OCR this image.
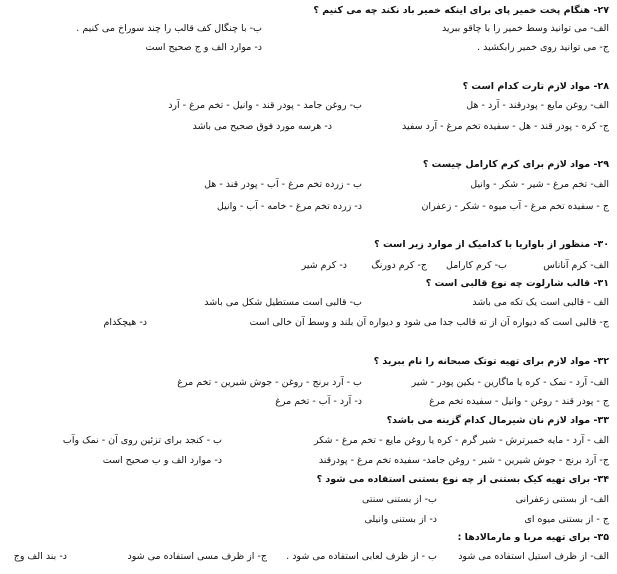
۲۷- هنگام پخت خمیر پای برای اینکه خمیر باد نکند چه می کنیم ؟
الف- می توانید وسط خمیر را با چاقو ببرید
ب- با چنگال کف قالب را چند سوراخ می کنیم .
ج- می توانید روی خمیر رابکشید .
د- موارد الف و ج صحیح است
۲۸- مواد لازم تارت کدام است ؟
الف- روغن مایع - پودرقند - آرد - هل
ب- روغن جامد - پودر قند - وانیل - تخم مرغ - آرد
ج- کره - پودر قند - هل - سفیده تخم مرغ - آرد سفید
د- هرسه مورد فوق صحیح می باشد
۲۹- مواد لازم برای کرم کارامل چیست ؟
الف- تخم مرغ - شیر - شکر - وانیل
ب - زرده تخم مرغ - آب - پودر قند - هل
ج - سفیده تخم مرغ - آب میوه - شکر - زعفران
د- زرده تخم مرغ - خامه - آب - وانیل
۳۰- منظور از باواریا با کدامیک از موارد زیر است ؟
الف- کرم آناناس
ب- کرم کارامل
ج- کرم دورنگ
د- کرم شیر
۳۱- قالب شارلوت چه نوع قالبی است ؟
الف - قالبی است یک تکه می باشد
ب- قالبی است مستطیل شکل می باشد
ج- قالبی است که دیواره آن از ته قالب جدا می شود و دیواره آن بلند و وسط آن خالی است
د- هیچکدام
۳۲- مواد لازم برای تهیه توتک صبحانه را نام ببرید ؟
الف- آرد - نمک - کره یا ماگارین - بکین پودر - شیر
ب - آرد برنج - روغن - جوش شیرین - تخم مرغ
ج - پودر قند - روغن - وانیل - سفیده تخم مرغ
د- آرد - آب - تخم مرغ
۳۳- مواد لازم نان شیرمال کدام گزینه می باشد؟
الف - آرد - مایه خمیرترش - شیر گرم - کره یا روغن مایع - تخم مرغ - شکر
ب - کنجد برای تزئین روی آن - نمک وآب
ج- آرد برنج - جوش شیرین - شیر - روغن جامد- سفیده تخم مرغ - پودرقند
د- موارد الف و ب صحیح است
۳۴- برای تهیه کیک بستنی از چه نوع بستنی استفاده می شود ؟
الف- از بستنی زعفرانی
ب- از بستنی سنتی
ج - از بستنی میوه ای
د- از بستنی وانیلی
۳۵- برای تهیه مربا و مارمالادها :
الف- از ظرف استیل استفاده می شود
ب - از ظرف لعابی استفاده می شود .
ج- از ظرف مسی استفاده می شود
د- بند الف وج
